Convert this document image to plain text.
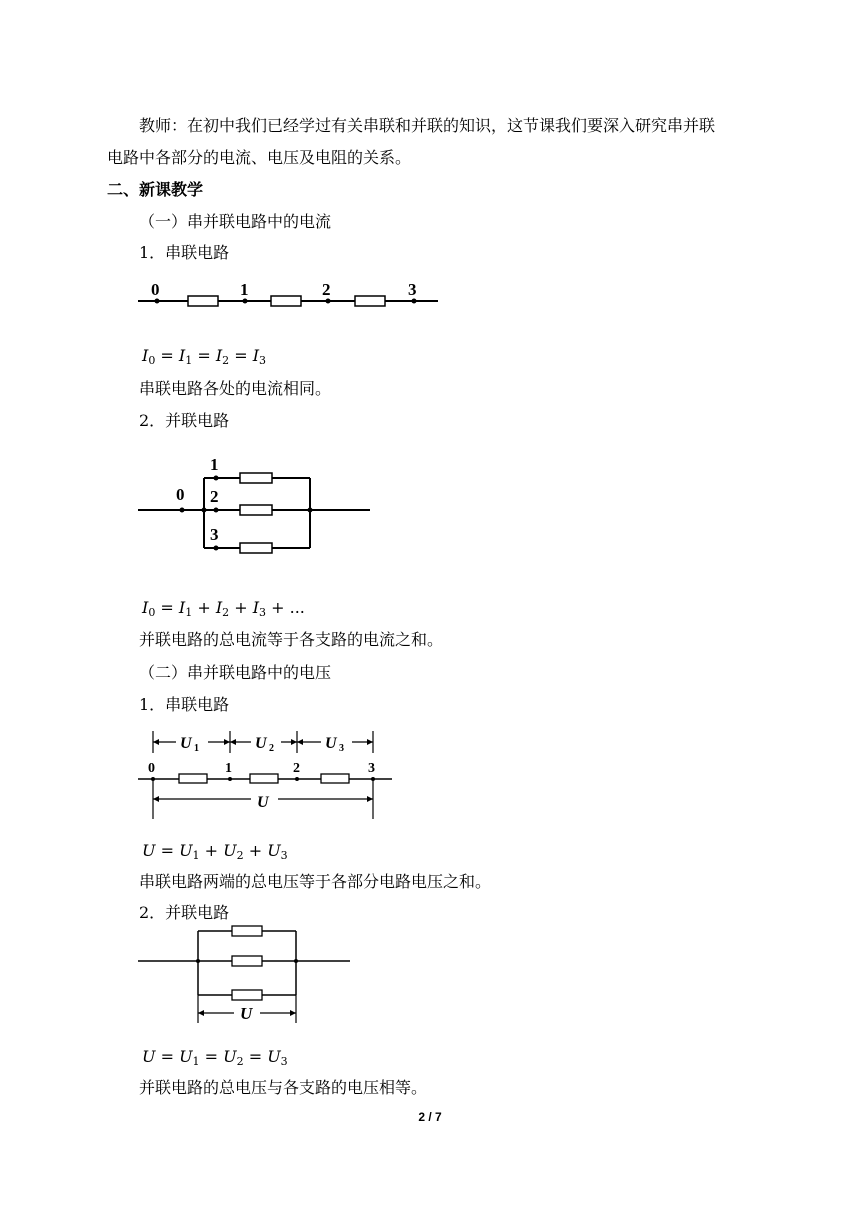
教师：在初中我们已经学过有关串联和并联的知识，这节课我们要深入研究串并联
电路中各部分的电流、电压及电阻的关系。
二、新课教学
（一）串并联电路中的电流
1．串联电路
0	1	2	3
$I_0 = I_1 = I_2 = I_3$
串联电路各处的电流相同。
2．并联电路
0
1
2
3
$I_0 = I_1 + I_2 + I_3$ + ...
并联电路的总电流等于各支路的电流之和。
（二）串并联电路中的电压
1．串联电路
U 1	U 2	U 3
0	1	2	3
U
$U = U_1 + U_2 + U_3$
串联电路两端的总电压等于各部分电路电压之和。
2．并联电路
U
$U = U_1 = U_2 = U_3$
并联电路的总电压与各支路的电压相等。
2 / 7
